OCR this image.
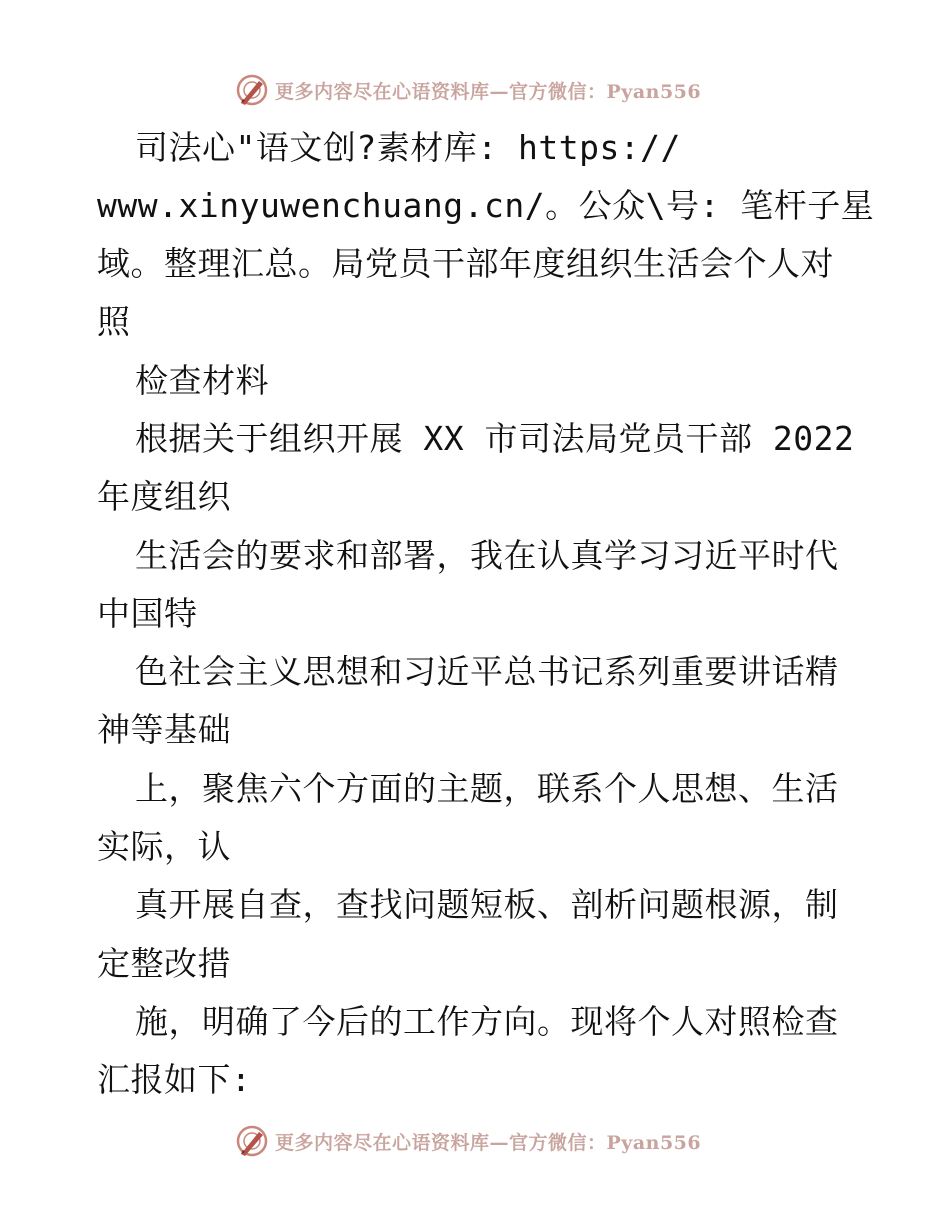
更多内容尽在心语资料库—官方微信：Pyan556
司法心"语文创?素材库: https://
www.xinyuwenchuang.cn/。公众\号: 笔杆子星
域。整理汇总。局党员干部年度组织生活会个人对
照
检查材料
根据关于组织开展 XX 市司法局党员干部 2022
年度组织
生活会的要求和部署，我在认真学习习近平时代
中国特
色社会主义思想和习近平总书记系列重要讲话精
神等基础
上，聚焦六个方面的主题，联系个人思想、生活
实际，认
真开展自查，查找问题短板、剖析问题根源，制
定整改措
施，明确了今后的工作方向。现将个人对照检查
汇报如下:
更多内容尽在心语资料库—官方微信：Pyan556
